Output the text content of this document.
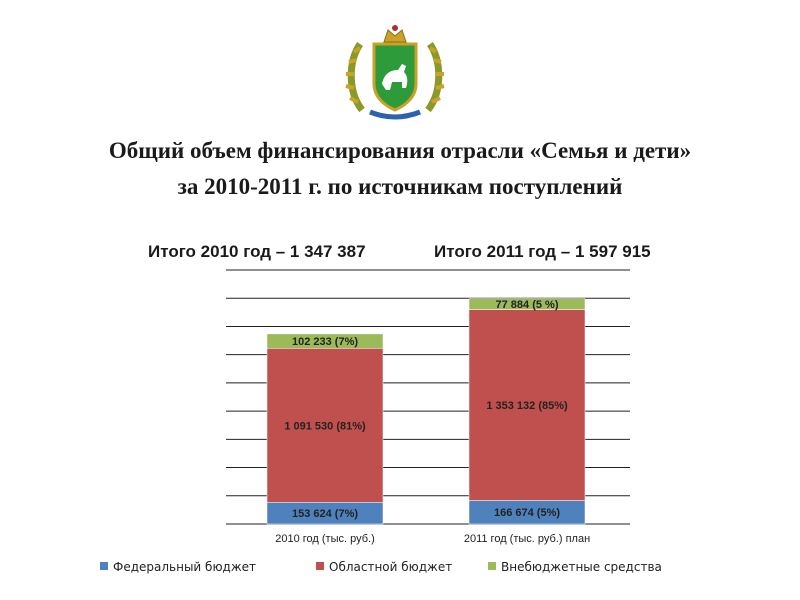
Общий объем финансирования отрасли «Семья и дети»
за 2010-2011 г. по источникам поступлений
Итого 2010 год – 1 347 387	Итого 2011 год – 1 597 915
153 624 (7%)
1 091 530 (81%)
102 233 (7%)
2010 год (тыс. руб.)
166 674 (5%)
1 353 132 (85%)
77 884 (5 %)
2011 год (тыс. руб.) план
Федеральный бюджет	Областной бюджет	Внебюджетные средства
